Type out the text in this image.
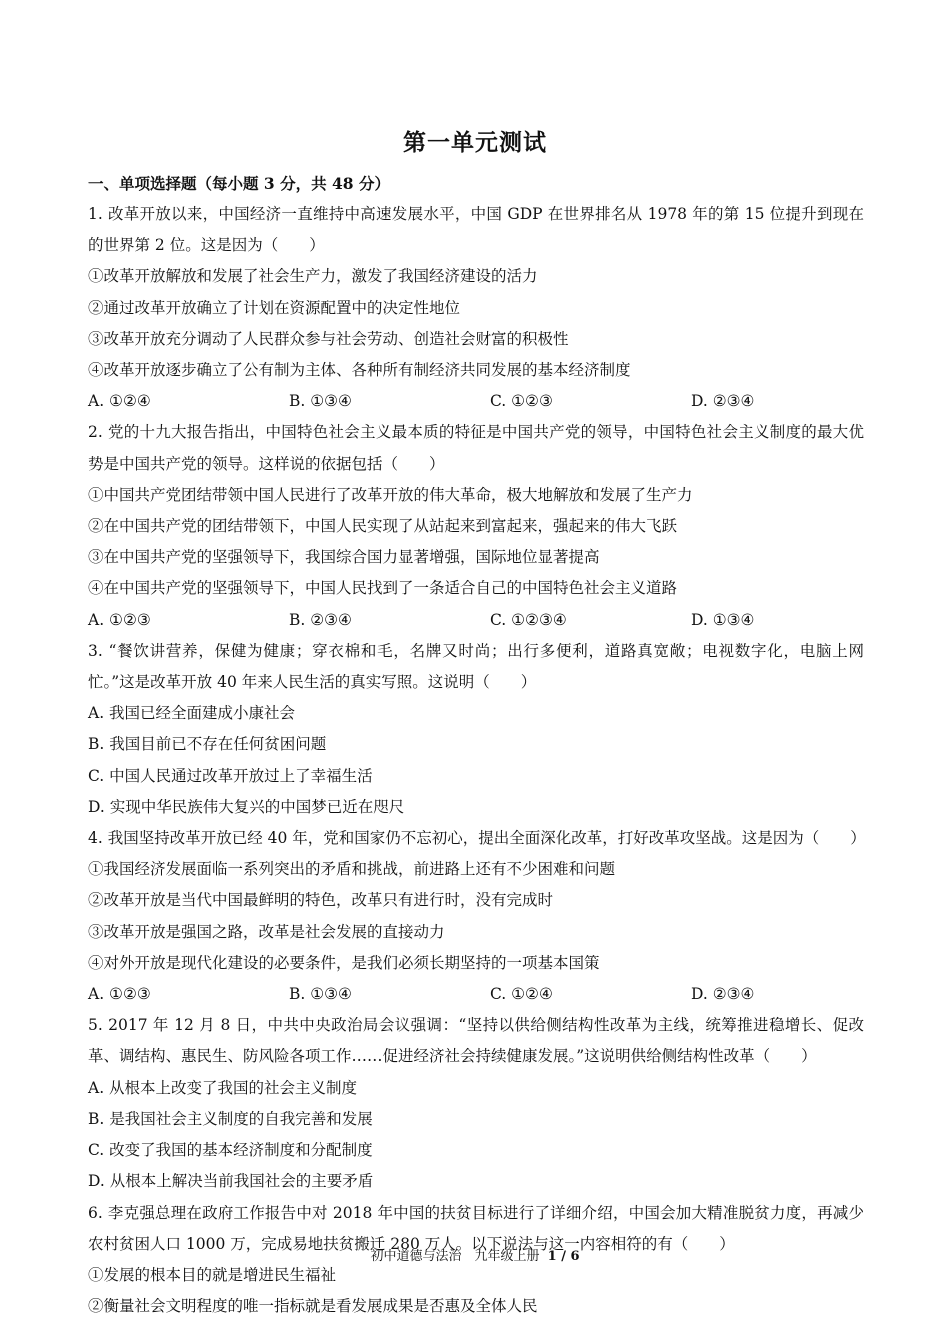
第一单元测试
一、单项选择题（每小题 3 分，共 48 分）
1. 改革开放以来，中国经济一直维持中高速发展水平，中国 GDP 在世界排名从 1978 年的第 15 位提升到现在的世界第 2 位。这是因为（　　）
①改革开放解放和发展了社会生产力，激发了我国经济建设的活力
②通过改革开放确立了计划在资源配置中的决定性地位
③改革开放充分调动了人民群众参与社会劳动、创造社会财富的积极性
④改革开放逐步确立了公有制为主体、各种所有制经济共同发展的基本经济制度
A. ①②④	B. ①③④	C. ①②③	D. ②③④
2. 党的十九大报告指出，中国特色社会主义最本质的特征是中国共产党的领导，中国特色社会主义制度的最大优势是中国共产党的领导。这样说的依据包括（　　）
①中国共产党团结带领中国人民进行了改革开放的伟大革命，极大地解放和发展了生产力
②在中国共产党的团结带领下，中国人民实现了从站起来到富起来，强起来的伟大飞跃
③在中国共产党的坚强领导下，我国综合国力显著增强，国际地位显著提高
④在中国共产党的坚强领导下，中国人民找到了一条适合自己的中国特色社会主义道路
A. ①②③	B. ②③④	C. ①②③④	D. ①③④
3. “餐饮讲营养，保健为健康；穿衣棉和毛，名牌又时尚；出行多便利，道路真宽敞；电视数字化，电脑上网忙。”这是改革开放 40 年来人民生活的真实写照。这说明（　　）
A. 我国已经全面建成小康社会
B. 我国目前已不存在任何贫困问题
C. 中国人民通过改革开放过上了幸福生活
D. 实现中华民族伟大复兴的中国梦已近在咫尺
4. 我国坚持改革开放已经 40 年，党和国家仍不忘初心，提出全面深化改革，打好改革攻坚战。这是因为（　　）
①我国经济发展面临一系列突出的矛盾和挑战，前进路上还有不少困难和问题
②改革开放是当代中国最鲜明的特色，改革只有进行时，没有完成时
③改革开放是强国之路，改革是社会发展的直接动力
④对外开放是现代化建设的必要条件，是我们必须长期坚持的一项基本国策
A. ①②③	B. ①③④	C. ①②④	D. ②③④
5. 2017 年 12 月 8 日，中共中央政治局会议强调：“坚持以供给侧结构性改革为主线，统筹推进稳增长、促改革、调结构、惠民生、防风险各项工作……促进经济社会持续健康发展。”这说明供给侧结构性改革（　　）
A. 从根本上改变了我国的社会主义制度
B. 是我国社会主义制度的自我完善和发展
C. 改变了我国的基本经济制度和分配制度
D. 从根本上解决当前我国社会的主要矛盾
6. 李克强总理在政府工作报告中对 2018 年中国的扶贫目标进行了详细介绍，中国会加大精准脱贫力度，再减少农村贫困人口 1000 万，完成易地扶贫搬迁 280 万人。以下说法与这一内容相符的有（　　）
①发展的根本目的就是增进民生福祉
②衡量社会文明程度的唯一指标就是看发展成果是否惠及全体人民
初中道德与法治　九年级上册 1 / 6
